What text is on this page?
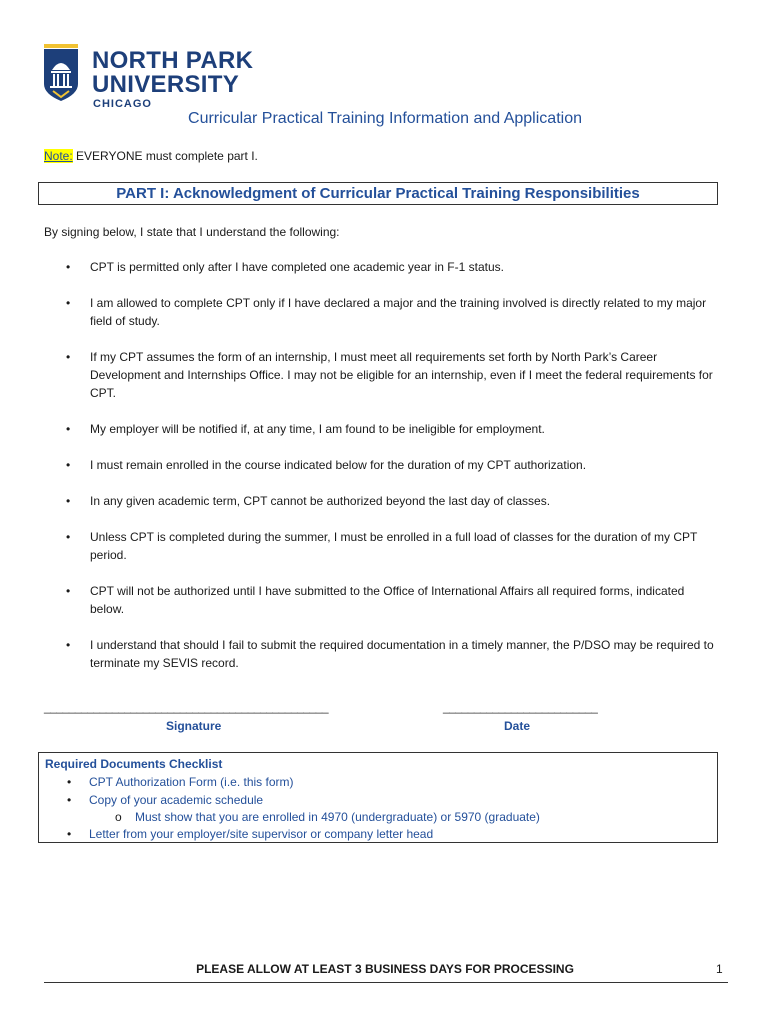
NORTH PARK
UNIVERSITY
CHICAGO
Curricular Practical Training Information and Application
Note: EVERYONE must complete part I.
PART I: Acknowledgment of Curricular Practical Training Responsibilities
By signing below, I state that I understand the following:
• CPT is permitted only after I have completed one academic year in F-1 status.
• I am allowed to complete CPT only if I have declared a major and the training involved is directly related to my major field of study.
• If my CPT assumes the form of an internship, I must meet all requirements set forth by North Park’s Career Development and Internships Office. I may not be eligible for an internship, even if I meet the federal requirements for CPT.
• My employer will be notified if, at any time, I am found to be ineligible for employment.
• I must remain enrolled in the course indicated below for the duration of my CPT authorization.
• In any given academic term, CPT cannot be authorized beyond the last day of classes.
• Unless CPT is completed during the summer, I must be enrolled in a full load of classes for the duration of my CPT period.
• CPT will not be authorized until I have submitted to the Office of International Affairs all required forms, indicated below.
• I understand that should I fail to submit the required documentation in a timely manner, the P/DSO may be required to terminate my SEVIS record.
______________________________________________
Signature
_________________________
Date
Required Documents Checklist
• CPT Authorization Form (i.e. this form)
• Copy of your academic schedule
o Must show that you are enrolled in 4970 (undergraduate) or 5970 (graduate)
• Letter from your employer/site supervisor or company letter head
PLEASE ALLOW AT LEAST 3 BUSINESS DAYS FOR PROCESSING	1
